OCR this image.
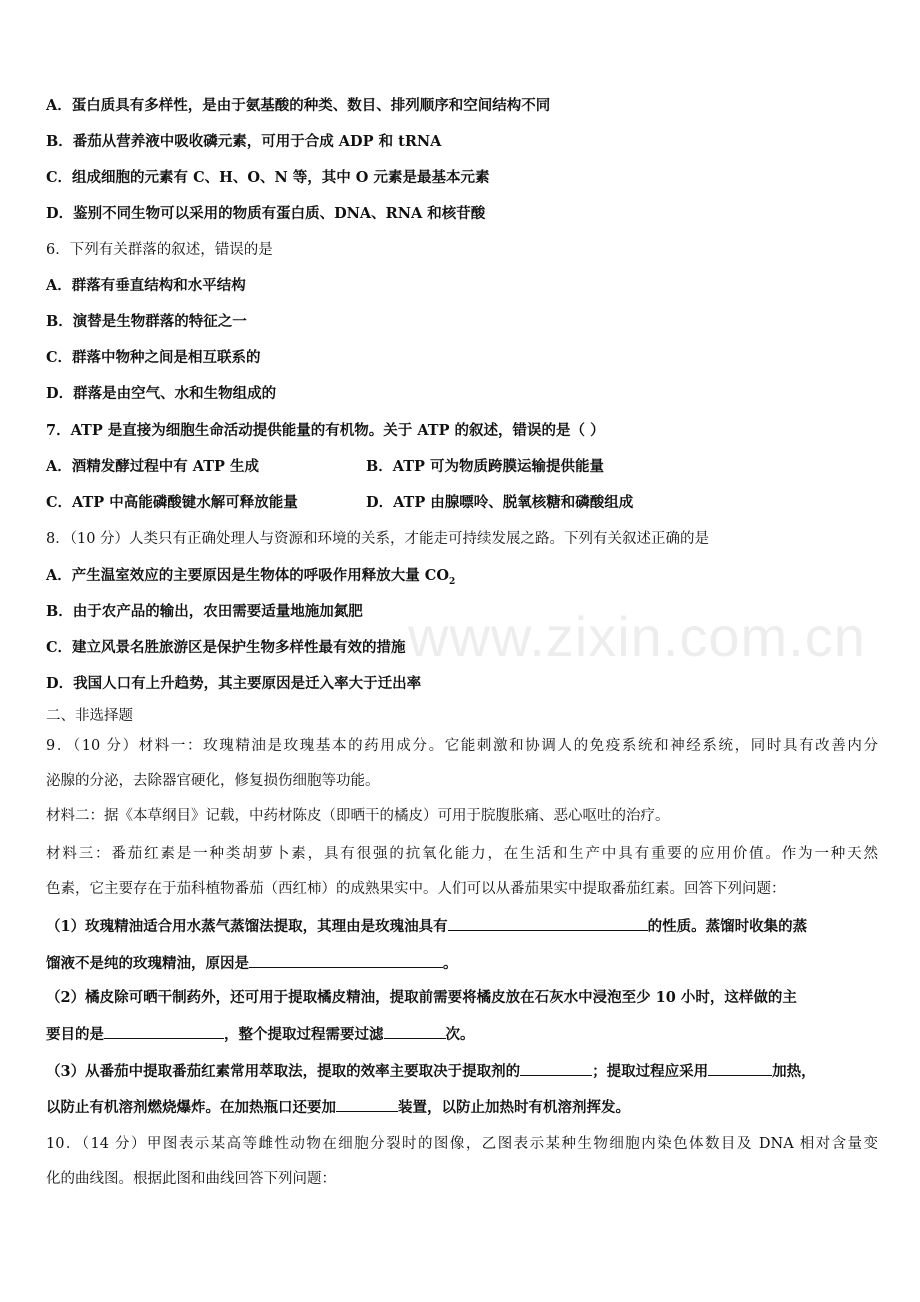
www.zixin.com.cn
A．蛋白质具有多样性，是由于氨基酸的种类、数目、排列顺序和空间结构不同
B．番茄从营养液中吸收磷元素，可用于合成 ADP 和 tRNA
C．组成细胞的元素有 C、H、O、N 等，其中 O 元素是最基本元素
D．鉴别不同生物可以采用的物质有蛋白质、DNA、RNA 和核苷酸
6．下列有关群落的叙述，错误的是
A．群落有垂直结构和水平结构
B．演替是生物群落的特征之一
C．群落中物种之间是相互联系的
D．群落是由空气、水和生物组成的
7．ATP 是直接为细胞生命活动提供能量的有机物。关于 ATP 的叙述，错误的是（ ）
A．酒精发酵过程中有 ATP 生成	B．ATP 可为物质跨膜运输提供能量
C．ATP 中高能磷酸键水解可释放能量	D．ATP 由腺嘌呤、脱氧核糖和磷酸组成
8．（10 分）人类只有正确处理人与资源和环境的关系，才能走可持续发展之路。下列有关叙述正确的是
A．产生温室效应的主要原因是生物体的呼吸作用释放大量 $CO_2$
B．由于农产品的输出，农田需要适量地施加氮肥
C．建立风景名胜旅游区是保护生物多样性最有效的措施
D．我国人口有上升趋势，其主要原因是迁入率大于迁出率
二、非选择题
9．（10 分）材料一：玫瑰精油是玫瑰基本的药用成分。它能刺激和协调人的免疫系统和神经系统，同时具有改善内分
泌腺的分泌，去除器官硬化，修复损伤细胞等功能。
材料二：据《本草纲目》记载，中药材陈皮（即晒干的橘皮）可用于脘腹胀痛、恶心呕吐的治疗。
材料三：番茄红素是一种类胡萝卜素，具有很强的抗氧化能力，在生活和生产中具有重要的应用价值。作为一种天然
色素，它主要存在于茄科植物番茄（西红柿）的成熟果实中。人们可以从番茄果实中提取番茄红素。回答下列问题：
（1）玫瑰精油适合用水蒸气蒸馏法提取，其理由是玫瑰油具有	的性质。蒸馏时收集的蒸
馏液不是纯的玫瑰精油，原因是	。
（2）橘皮除可晒干制药外，还可用于提取橘皮精油，提取前需要将橘皮放在石灰水中浸泡至少 10 小时，这样做的主
要目的是	，整个提取过程需要过滤	次。
（3）从番茄中提取番茄红素常用萃取法，提取的效率主要取决于提取剂的	；提取过程应采用	加热，
以防止有机溶剂燃烧爆炸。在加热瓶口还要加	装置，以防止加热时有机溶剂挥发。
10．（14 分）甲图表示某高等雌性动物在细胞分裂时的图像，乙图表示某种生物细胞内染色体数目及 DNA 相对含量变
化的曲线图。根据此图和曲线回答下列问题：
